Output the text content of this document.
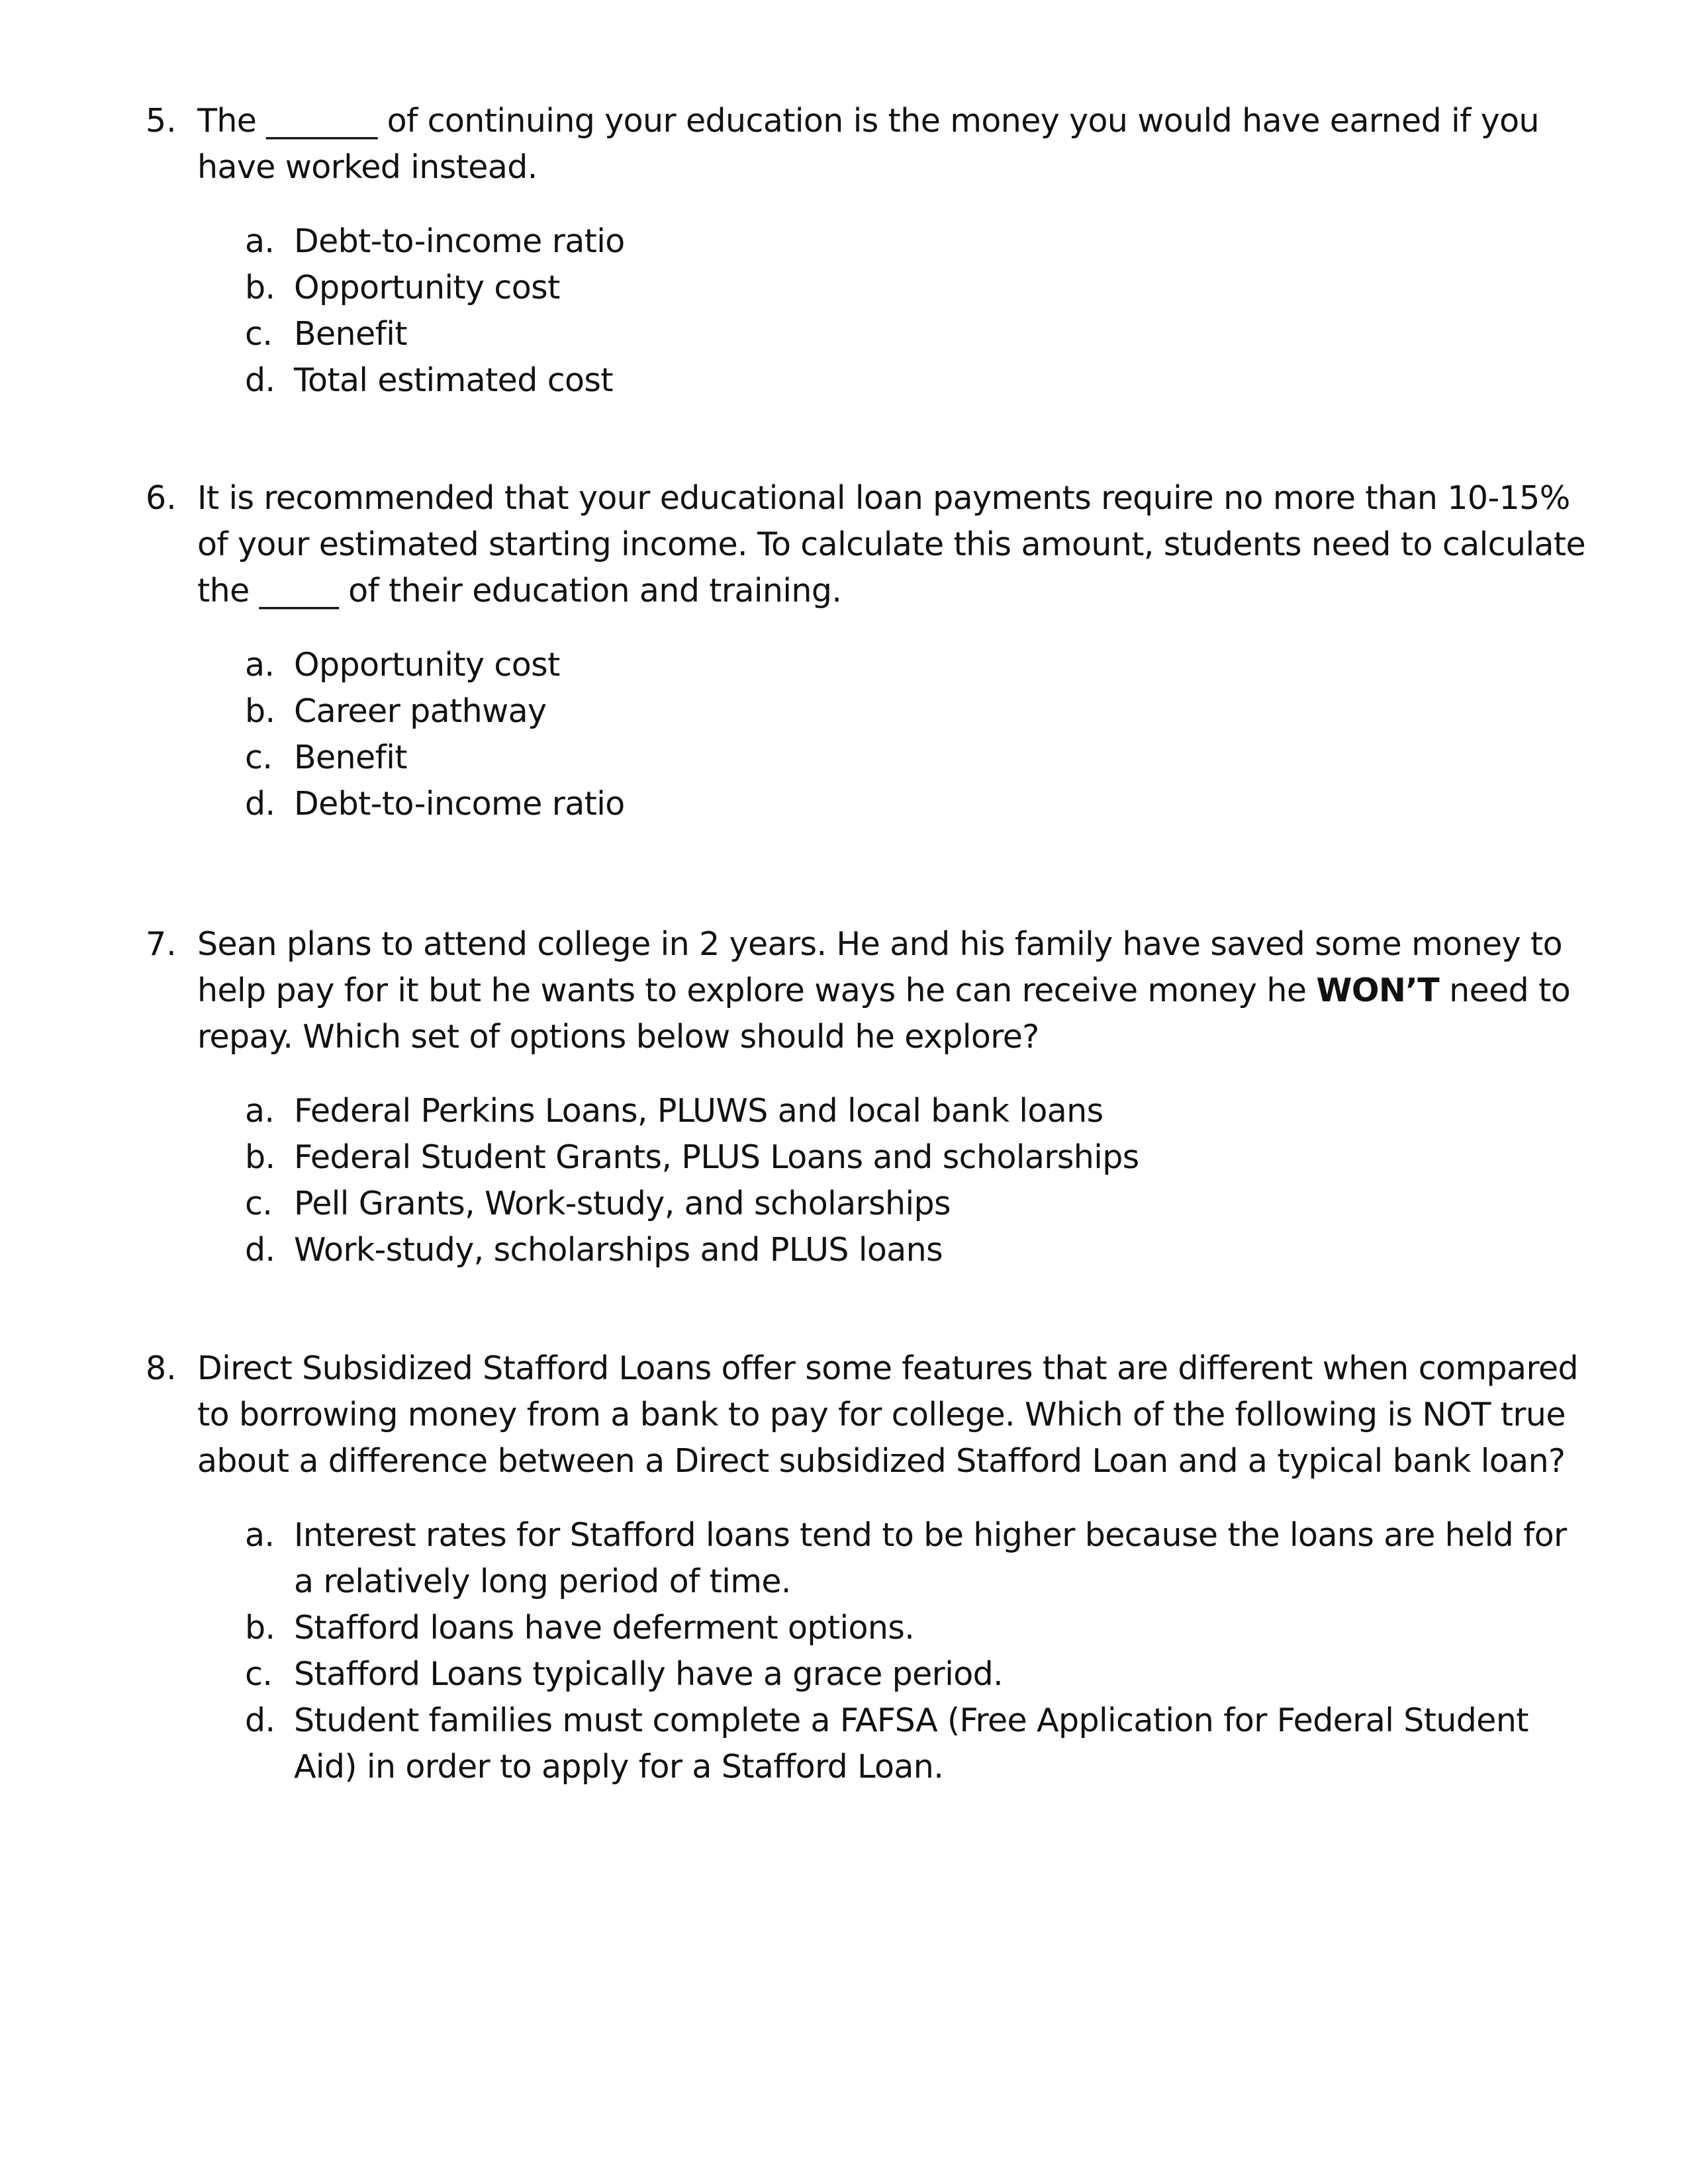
5. The _______ of continuing your education is the money you would have earned if you have worked instead.
a. Debt-to-income ratio
b. Opportunity cost
c. Benefit
d. Total estimated cost
6. It is recommended that your educational loan payments require no more than 10-15% of your estimated starting income. To calculate this amount, students need to calculate the _____ of their education and training.
a. Opportunity cost
b. Career pathway
c. Benefit
d. Debt-to-income ratio
7. Sean plans to attend college in 2 years. He and his family have saved some money to help pay for it but he wants to explore ways he can receive money he WON’T need to repay. Which set of options below should he explore?
a. Federal Perkins Loans, PLUWS and local bank loans
b. Federal Student Grants, PLUS Loans and scholarships
c. Pell Grants, Work-study, and scholarships
d. Work-study, scholarships and PLUS loans
8. Direct Subsidized Stafford Loans offer some features that are different when compared to borrowing money from a bank to pay for college. Which of the following is NOT true about a difference between a Direct subsidized Stafford Loan and a typical bank loan?
a. Interest rates for Stafford loans tend to be higher because the loans are held for a relatively long period of time.
b. Stafford loans have deferment options.
c. Stafford Loans typically have a grace period.
d. Student families must complete a FAFSA (Free Application for Federal Student Aid) in order to apply for a Stafford Loan.
